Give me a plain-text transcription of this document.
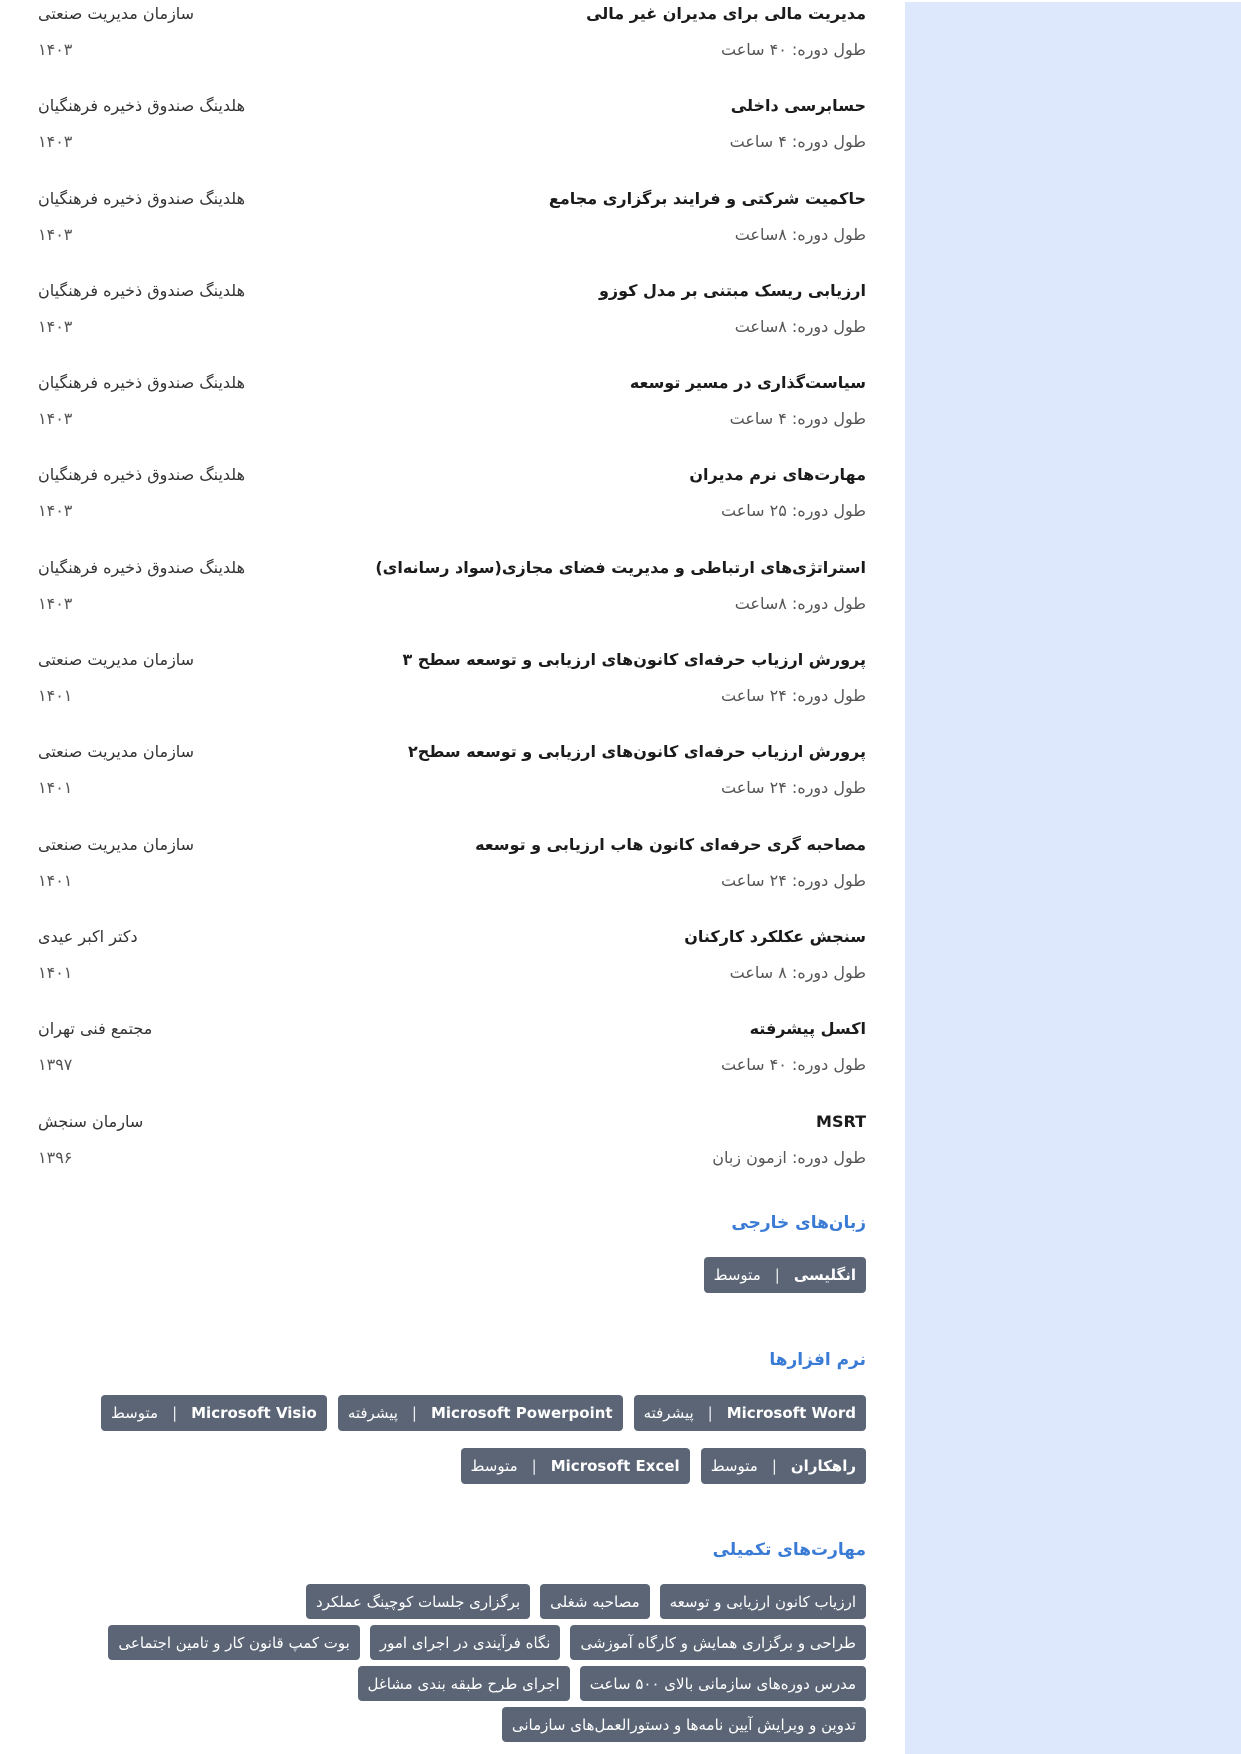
مدیریت مالی برای مدیران غیر مالی
طول دوره: ۴۰ ساعت
سازمان مدیریت صنعتی
۱۴۰۳
حسابرسی داخلی
طول دوره: ۴ ساعت
هلدینگ صندوق ذخیره فرهنگیان
۱۴۰۳
حاکمیت شرکتی و فرایند برگزاری مجامع
طول دوره: ۸ساعت
هلدینگ صندوق ذخیره فرهنگیان
۱۴۰۳
ارزیابی ریسک مبتنی بر مدل کوزو
طول دوره: ۸ساعت
هلدینگ صندوق ذخیره فرهنگیان
۱۴۰۳
سیاست‌گذاری در مسیر توسعه
طول دوره: ۴ ساعت
هلدینگ صندوق ذخیره فرهنگیان
۱۴۰۳
مهارت‌های نرم مدیران
طول دوره: ۲۵ ساعت
هلدینگ صندوق ذخیره فرهنگیان
۱۴۰۳
استراتژی‌های ارتباطی و مدیریت فضای مجازی(سواد رسانه‌ای)
طول دوره: ۸ساعت
هلدینگ صندوق ذخیره فرهنگیان
۱۴۰۳
پرورش ارزیاب حرفه‌ای کانون‌های ارزیابی و توسعه سطح ۳
طول دوره: ۲۴ ساعت
سازمان مدیریت صنعتی
۱۴۰۱
پرورش ارزیاب حرفه‌ای کانون‌های ارزیابی و توسعه سطح۲
طول دوره: ۲۴ ساعت
سازمان مدیریت صنعتی
۱۴۰۱
مصاحبه گری حرفه‌ای کانون هاب ارزیابی و توسعه
طول دوره: ۲۴ ساعت
سازمان مدیریت صنعتی
۱۴۰۱
سنجش عکلکرد کارکنان
طول دوره: ۸ ساعت
دکتر اکبر عیدی
۱۴۰۱
اکسل پیشرفته
طول دوره: ۴۰ ساعت
مجتمع فنی تهران
۱۳۹۷
MSRT
طول دوره: ازمون زبان
سارمان سنجش
۱۳۹۶
زبان‌های خارجی
انگلیسی
|
متوسط
نرم افزارها
Microsoft Word
|
پیشرفته
Microsoft Powerpoint
|
پیشرفته
Microsoft Visio
|
متوسط
راهکاران
|
متوسط
Microsoft Excel
|
متوسط
مهارت‌های تکمیلی
ارزیاب کانون ارزیابی و توسعه
مصاحبه شغلی
برگزاری جلسات کوچینگ عملکرد
طراحی و برگزاری همایش و کارگاه آموزشی
نگاه فرآیندی در اجرای امور
بوت کمپ قانون کار و تامین اجتماعی
مدرس دوره‌های سازمانی بالای ۵۰۰ ساعت
اجرای طرح طبقه بندی مشاغل
تدوین و ویرایش آیین نامه‌ها و دستورالعمل‌های سازمانی
